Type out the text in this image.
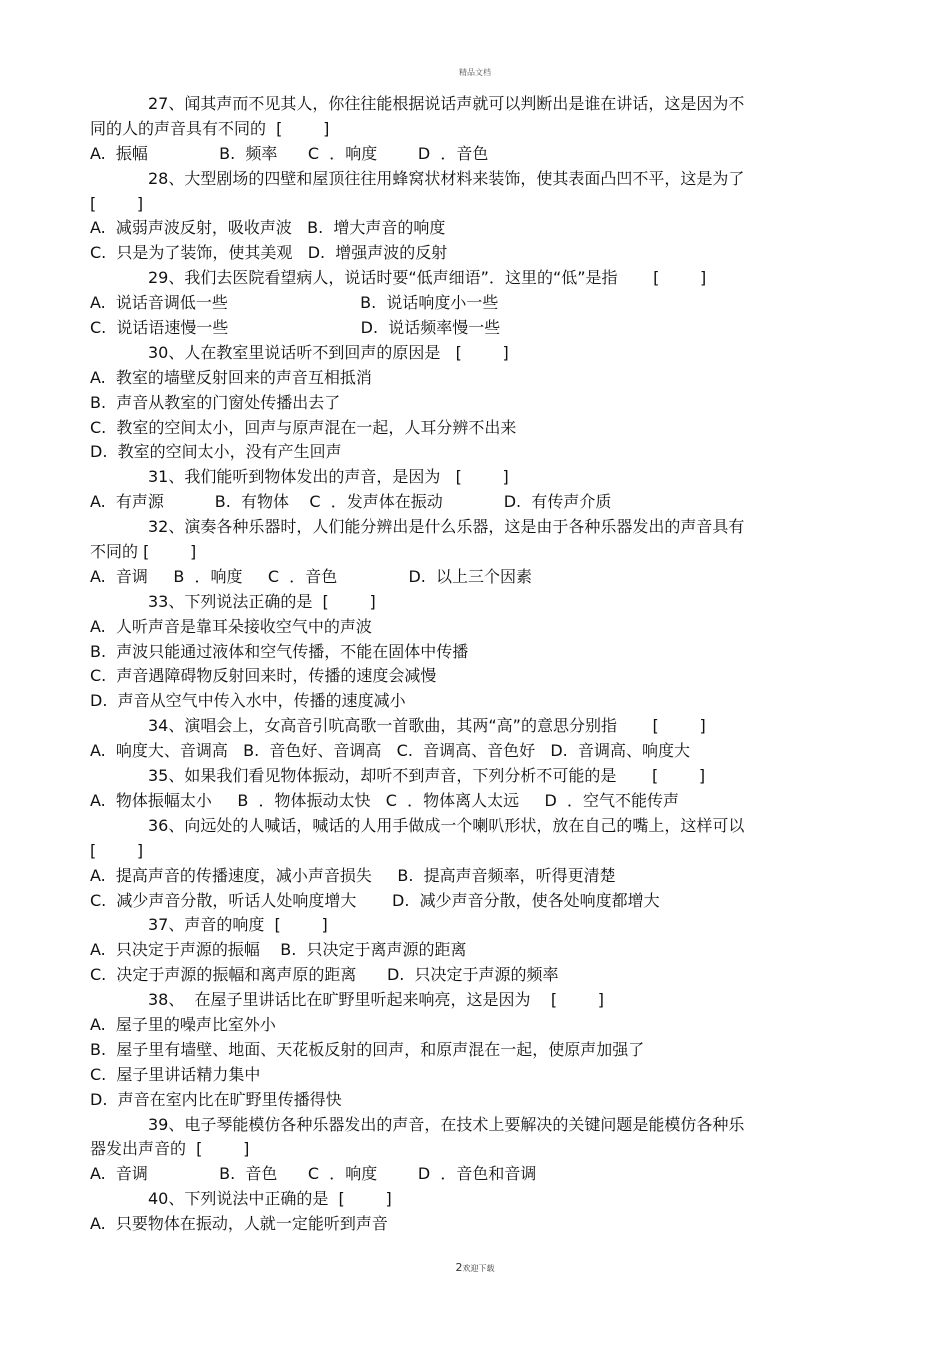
精品文档
27、闻其声而不见其人，你往往能根据说话声就可以判断出是谁在讲话，这是因为不
同的人的声音具有不同的  [        ]
A.  振幅              B.  频率      C  ．响度        D  ．音色
28、大型剧场的四壁和屋顶往往用蜂窝状材料来装饰，使其表面凸凹不平，这是为了
[        ]
A.  减弱声波反射，吸收声波   B.  增大声音的响度
C.  只是为了装饰，使其美观   D.  增强声波的反射
29、我们去医院看望病人，说话时要“低声细语”．这里的“低”是指       [        ]
A.  说话音调低一些                          B.  说话响度小一些
C.  说话语速慢一些                          D.  说话频率慢一些
30、人在教室里说话听不到回声的原因是   [        ]
A.  教室的墙壁反射回来的声音互相抵消
B.  声音从教室的门窗处传播出去了
C.  教室的空间太小，回声与原声混在一起，人耳分辨不出来
D.  教室的空间太小，没有产生回声
31、我们能听到物体发出的声音，是因为   [        ]
A.  有声源          B.  有物体    C  ．发声体在振动            D.  有传声介质
32、演奏各种乐器时，人们能分辨出是什么乐器，这是由于各种乐器发出的声音具有
不同的 [        ]
A.  音调     B  ．响度     C  ．音色              D.  以上三个因素
33、下列说法正确的是  [        ]
A.  人听声音是靠耳朵接收空气中的声波
B.  声波只能通过液体和空气传播，不能在固体中传播
C.  声音遇障碍物反射回来时，传播的速度会减慢
D.  声音从空气中传入水中，传播的速度减小
34、演唱会上，女高音引吭高歌一首歌曲，其两“高”的意思分别指       [        ]
A.  响度大、音调高   B.  音色好、音调高   C.  音调高、音色好   D.  音调高、响度大
35、如果我们看见物体振动，却听不到声音，下列分析不可能的是       [        ]
A.  物体振幅太小     B  ．物体振动太快   C  ．物体离人太远     D  ．空气不能传声
36、向远处的人喊话，喊话的人用手做成一个喇叭形状，放在自己的嘴上，这样可以
[        ]
A.  提高声音的传播速度，减小声音损失     B.  提高声音频率，听得更清楚
C.  减少声音分散，听话人处响度增大       D.  减少声音分散，使各处响度都增大
37、声音的响度  [        ]
A.  只决定于声源的振幅    B.  只决定于离声源的距离
C.  决定于声源的振幅和离声原的距离      D.  只决定于声源的频率
38、  在屋子里讲话比在旷野里听起来响亮，这是因为    [        ]
A.  屋子里的噪声比室外小
B.  屋子里有墙壁、地面、天花板反射的回声，和原声混在一起，使原声加强了
C.  屋子里讲话精力集中
D.  声音在室内比在旷野里传播得快
39、电子琴能模仿各种乐器发出的声音，在技术上要解决的关键问题是能模仿各种乐
器发出声音的  [        ]
A.  音调              B.  音色      C  ．响度        D  ．音色和音调
40、下列说法中正确的是  [        ]
A.  只要物体在振动，人就一定能听到声音
2欢迎下载
